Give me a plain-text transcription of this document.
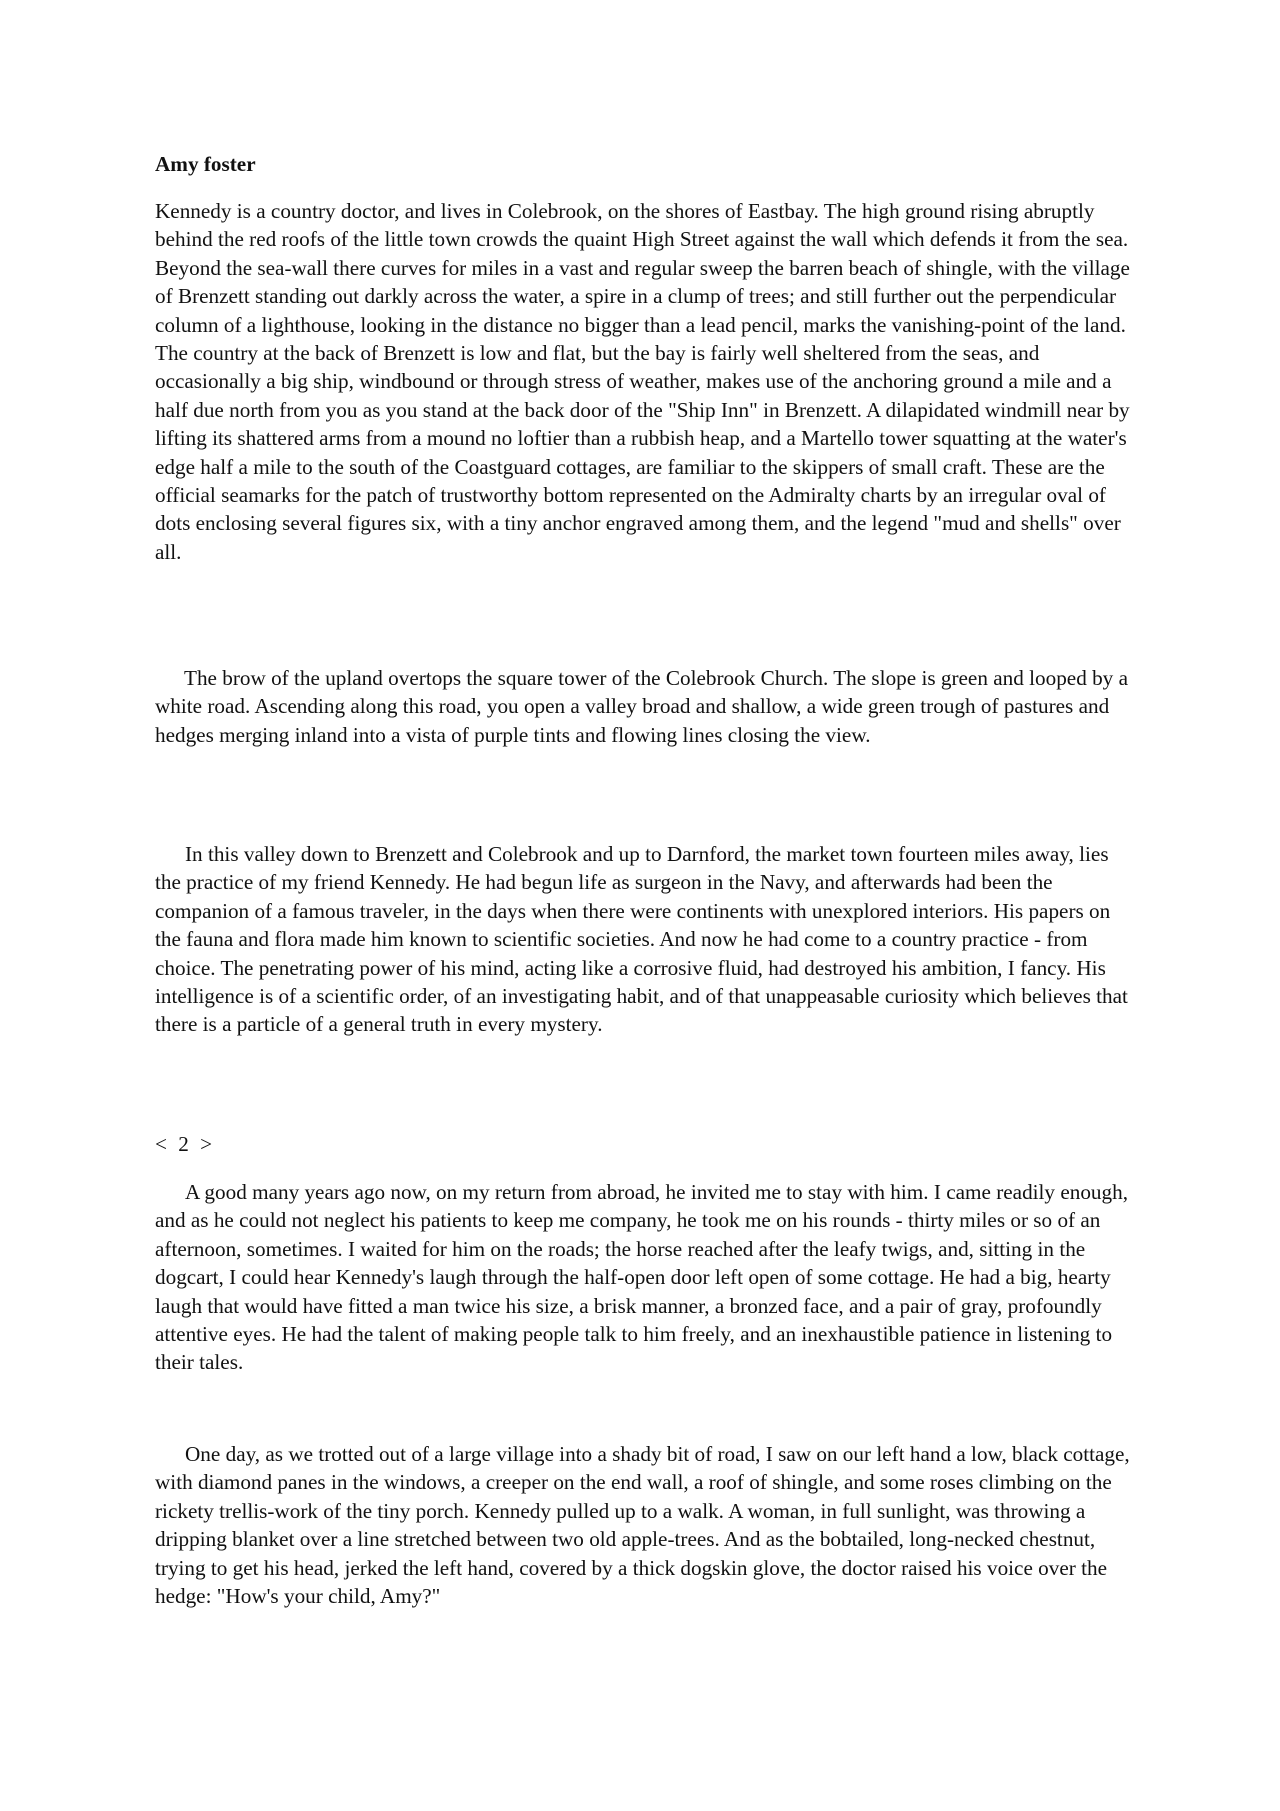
Amy foster

Kennedy is a country doctor, and lives in Colebrook, on the shores of Eastbay. The high ground rising abruptly behind the red roofs of the little town crowds the quaint High Street against the wall which defends it from the sea. Beyond the sea-wall there curves for miles in a vast and regular sweep the barren beach of shingle, with the village of Brenzett standing out darkly across the water, a spire in a clump of trees; and still further out the perpendicular column of a lighthouse, looking in the distance no bigger than a lead pencil, marks the vanishing-point of the land. The country at the back of Brenzett is low and flat, but the bay is fairly well sheltered from the seas, and occasionally a big ship, windbound or through stress of weather, makes use of the anchoring ground a mile and a half due north from you as you stand at the back door of the "Ship Inn" in Brenzett. A dilapidated windmill near by lifting its shattered arms from a mound no loftier than a rubbish heap, and a Martello tower squatting at the water's edge half a mile to the south of the Coastguard cottages, are familiar to the skippers of small craft. These are the official seamarks for the patch of trustworthy bottom represented on the Admiralty charts by an irregular oval of dots enclosing several figures six, with a tiny anchor engraved among them, and the legend "mud and shells" over all.

The brow of the upland overtops the square tower of the Colebrook Church. The slope is green and looped by a white road. Ascending along this road, you open a valley broad and shallow, a wide green trough of pastures and hedges merging inland into a vista of purple tints and flowing lines closing the view.

In this valley down to Brenzett and Colebrook and up to Darnford, the market town fourteen miles away, lies the practice of my friend Kennedy. He had begun life as surgeon in the Navy, and afterwards had been the companion of a famous traveler, in the days when there were continents with unexplored interiors. His papers on the fauna and flora made him known to scientific societies. And now he had come to a country practice - from choice. The penetrating power of his mind, acting like a corrosive fluid, had destroyed his ambition, I fancy. His intelligence is of a scientific order, of an investigating habit, and of that unappeasable curiosity which believes that there is a particle of a general truth in every mystery.

< 2 >

A good many years ago now, on my return from abroad, he invited me to stay with him. I came readily enough, and as he could not neglect his patients to keep me company, he took me on his rounds - thirty miles or so of an afternoon, sometimes. I waited for him on the roads; the horse reached after the leafy twigs, and, sitting in the dogcart, I could hear Kennedy's laugh through the half-open door left open of some cottage. He had a big, hearty laugh that would have fitted a man twice his size, a brisk manner, a bronzed face, and a pair of gray, profoundly attentive eyes. He had the talent of making people talk to him freely, and an inexhaustible patience in listening to their tales.

One day, as we trotted out of a large village into a shady bit of road, I saw on our left hand a low, black cottage, with diamond panes in the windows, a creeper on the end wall, a roof of shingle, and some roses climbing on the rickety trellis-work of the tiny porch. Kennedy pulled up to a walk. A woman, in full sunlight, was throwing a dripping blanket over a line stretched between two old apple-trees. And as the bobtailed, long-necked chestnut, trying to get his head, jerked the left hand, covered by a thick dogskin glove, the doctor raised his voice over the hedge: "How's your child, Amy?"
